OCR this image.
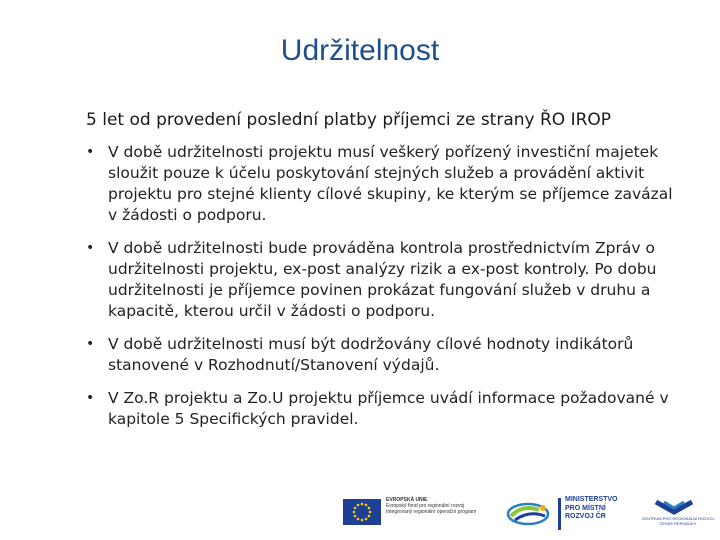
Udržitelnost
5 let od provedení poslední platby příjemci ze strany ŘO IROP
• V době udržitelnosti projektu musí veškerý pořízený investiční majetek sloužit pouze k účelu poskytování stejných služeb a provádění aktivit projektu pro stejné klienty cílové skupiny, ke kterým se příjemce zavázal v žádosti o podporu.
• V době udržitelnosti bude prováděna kontrola prostřednictvím Zpráv o udržitelnosti projektu, ex-post analýzy rizik a ex-post kontroly. Po dobu udržitelnosti je příjemce povinen prokázat fungování služeb v druhu a kapacitě, kterou určil v žádosti o podporu.
• V době udržitelnosti musí být dodržovány cílové hodnoty indikátorů stanovené v Rozhodnutí/Stanovení výdajů.
• V Zo.R projektu a Zo.U projektu příjemce uvádí informace požadované v kapitole 5 Specifických pravidel.
EVROPSKÁ UNIE
Evropský fond pro regionální rozvoj
Integrovaný regionální operační program
MINISTERSTVO
PRO MÍSTNÍ
ROZVOJ ČR	CENTRUM PRO REGIONÁLNÍ ROZVOJ
ČESKÉ REPUBLIKY
